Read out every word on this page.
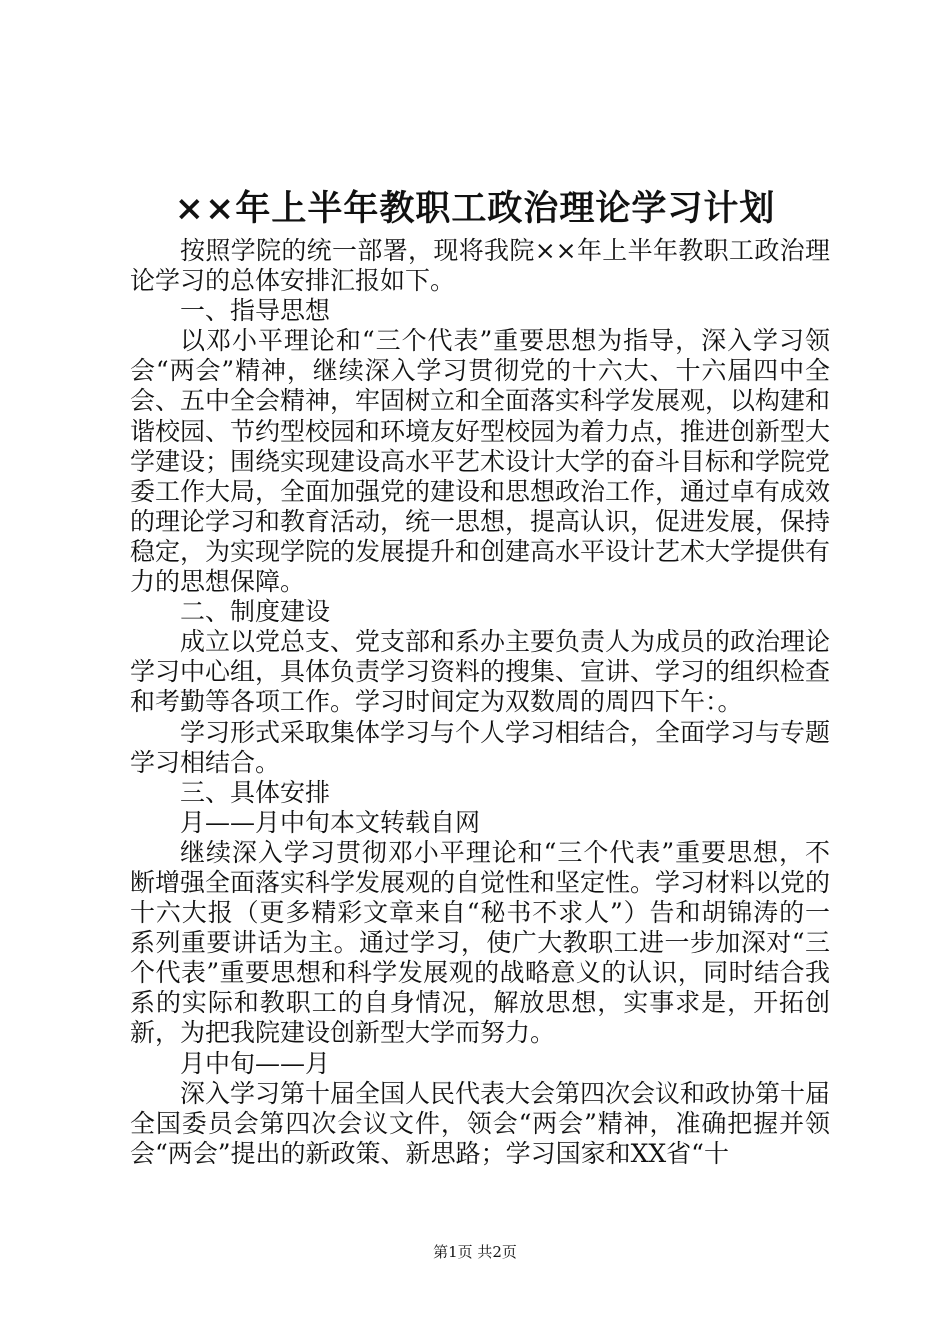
××年上半年教职工政治理论学习计划

按照学院的统一部署，现将我院××年上半年教职工政治理论学习的总体安排汇报如下。

一、指导思想

以邓小平理论和“三个代表”重要思想为指导，深入学习领会“两会”精神，继续深入学习贯彻党的十六大、十六届四中全会、五中全会精神，牢固树立和全面落实科学发展观，以构建和谐校园、节约型校园和环境友好型校园为着力点，推进创新型大学建设；围绕实现建设高水平艺术设计大学的奋斗目标和学院党委工作大局，全面加强党的建设和思想政治工作，通过卓有成效的理论学习和教育活动，统一思想，提高认识，促进发展，保持稳定，为实现学院的发展提升和创建高水平设计艺术大学提供有力的思想保障。

二、制度建设

成立以党总支、党支部和系办主要负责人为成员的政治理论学习中心组，具体负责学习资料的搜集、宣讲、学习的组织检查和考勤等各项工作。学习时间定为双数周的周四下午：。

学习形式采取集体学习与个人学习相结合，全面学习与专题学习相结合。

三、具体安排

月——月中旬本文转载自网

继续深入学习贯彻邓小平理论和“三个代表”重要思想，不断增强全面落实科学发展观的自觉性和坚定性。学习材料以党的十六大报（更多精彩文章来自“秘书不求人”）告和胡锦涛的一系列重要讲话为主。通过学习，使广大教职工进一步加深对“三个代表”重要思想和科学发展观的战略意义的认识，同时结合我系的实际和教职工的自身情况，解放思想，实事求是，开拓创新，为把我院建设创新型大学而努力。

月中旬——月

深入学习第十届全国人民代表大会第四次会议和政协第十届全国委员会第四次会议文件，领会“两会”精神，准确把握并领会“两会”提出的新政策、新思路；学习国家和XX省“十

第1页 共2页
